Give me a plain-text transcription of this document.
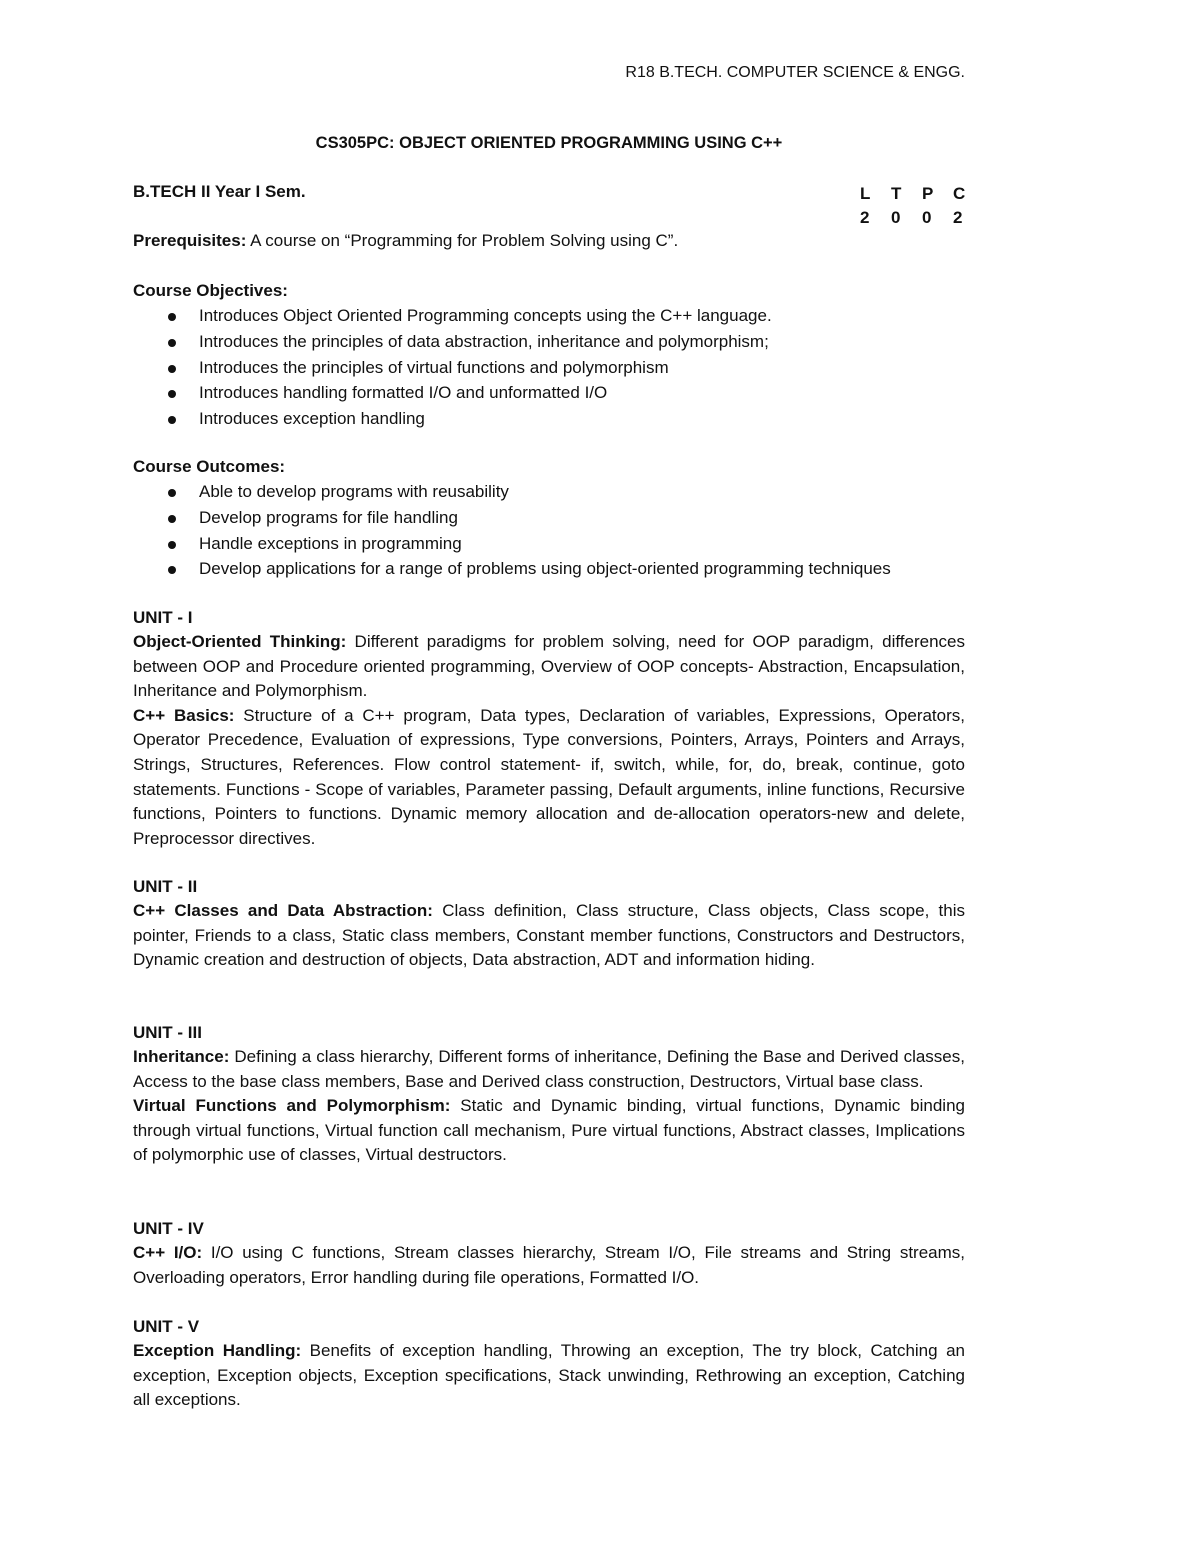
R18 B.TECH. COMPUTER SCIENCE & ENGG.
CS305PC: OBJECT ORIENTED PROGRAMMING USING C++
B.TECH II Year I Sem.	L	T	P	C
2	0	0	2
Prerequisites: A course on “Programming for Problem Solving using C”.
Course Objectives:
Introduces Object Oriented Programming concepts using the C++ language.
Introduces the principles of data abstraction, inheritance and polymorphism;
Introduces the principles of virtual functions and polymorphism
Introduces handling formatted I/O and unformatted I/O
Introduces exception handling
Course Outcomes:
Able to develop programs with reusability
Develop programs for file handling
Handle exceptions in programming
Develop applications for a range of problems using object-oriented programming techniques
UNIT - I

Object-Oriented Thinking: Different paradigms for problem solving, need for OOP paradigm, differences between OOP and Procedure oriented programming, Overview of OOP concepts- Abstraction, Encapsulation, Inheritance and Polymorphism.

C++ Basics: Structure of a C++ program, Data types, Declaration of variables, Expressions, Operators, Operator Precedence, Evaluation of expressions, Type conversions, Pointers, Arrays, Pointers and Arrays, Strings, Structures, References. Flow control statement- if, switch, while, for, do, break, continue, goto statements. Functions - Scope of variables, Parameter passing, Default arguments, inline functions, Recursive functions, Pointers to functions. Dynamic memory allocation and de-allocation operators-new and delete, Preprocessor directives.

UNIT - II

C++ Classes and Data Abstraction: Class definition, Class structure, Class objects, Class scope, this pointer, Friends to a class, Static class members, Constant member functions, Constructors and Destructors, Dynamic creation and destruction of objects, Data abstraction, ADT and information hiding.

UNIT - III

Inheritance: Defining a class hierarchy, Different forms of inheritance, Defining the Base and Derived classes, Access to the base class members, Base and Derived class construction, Destructors, Virtual base class.

Virtual Functions and Polymorphism: Static and Dynamic binding, virtual functions, Dynamic binding through virtual functions, Virtual function call mechanism, Pure virtual functions, Abstract classes, Implications of polymorphic use of classes, Virtual destructors.

UNIT - IV

C++ I/O: I/O using C functions, Stream classes hierarchy, Stream I/O, File streams and String streams, Overloading operators, Error handling during file operations, Formatted I/O.

UNIT - V

Exception Handling: Benefits of exception handling, Throwing an exception, The try block, Catching an exception, Exception objects, Exception specifications, Stack unwinding, Rethrowing an exception, Catching all exceptions.
